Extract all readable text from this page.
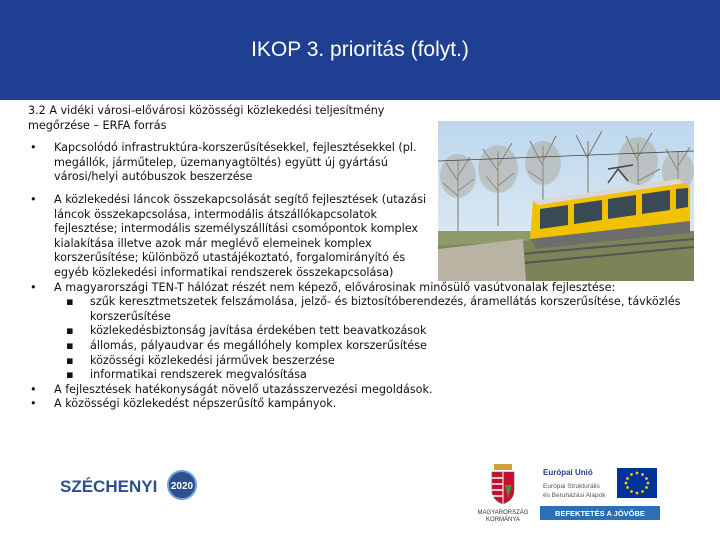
IKOP 3. prioritás (folyt.)

3.2 A vidéki városi-elővárosi közösségi közlekedési teljesítmény megőrzése – ERFA forrás

• Kapcsolódó infrastruktúra-korszerűsítésekkel, fejlesztésekkel (pl. megállók, járműtelep, üzemanyagtöltés) együtt új gyártású városi/helyi autóbuszok beszerzése
• A közlekedési láncok összekapcsolását segítő fejlesztések (utazási láncok összekapcsolása, intermodális átszállókapcsolatok fejlesztése; intermodális személyszállítási csomópontok komplex kialakítása illetve azok már meglévő elemeinek komplex korszerűsítése; különböző utastájékoztató, forgalomirányító és egyéb közlekedési informatikai rendszerek összekapcsolása)
• A magyarországi TEN-T hálózat részét nem képező, elővárosinak minősülő vasútvonalak fejlesztése:
▪ szűk keresztmetszetek felszámolása, jelző- és biztosítóberendezés, áramellátás korszerűsítése, távközlés korszerűsítése
▪ közlekedésbiztonság javítása érdekében tett beavatkozások
▪ állomás, pályaudvar és megállóhely komplex korszerűsítése
▪ közösségi közlekedési járművek beszerzése
▪ informatikai rendszerek megvalósítása
• A fejlesztések hatékonyságát növelő utazásszervezési megoldások.
• A közösségi közlekedést népszerűsítő kampányok.
SZÉCHENYI 2020
MAGYARORSZÁG
KORMÁNYA
Európai Unió
Európai Strukturális
és Beruházási Alapok
BEFEKTETÉS A JÖVŐBE
